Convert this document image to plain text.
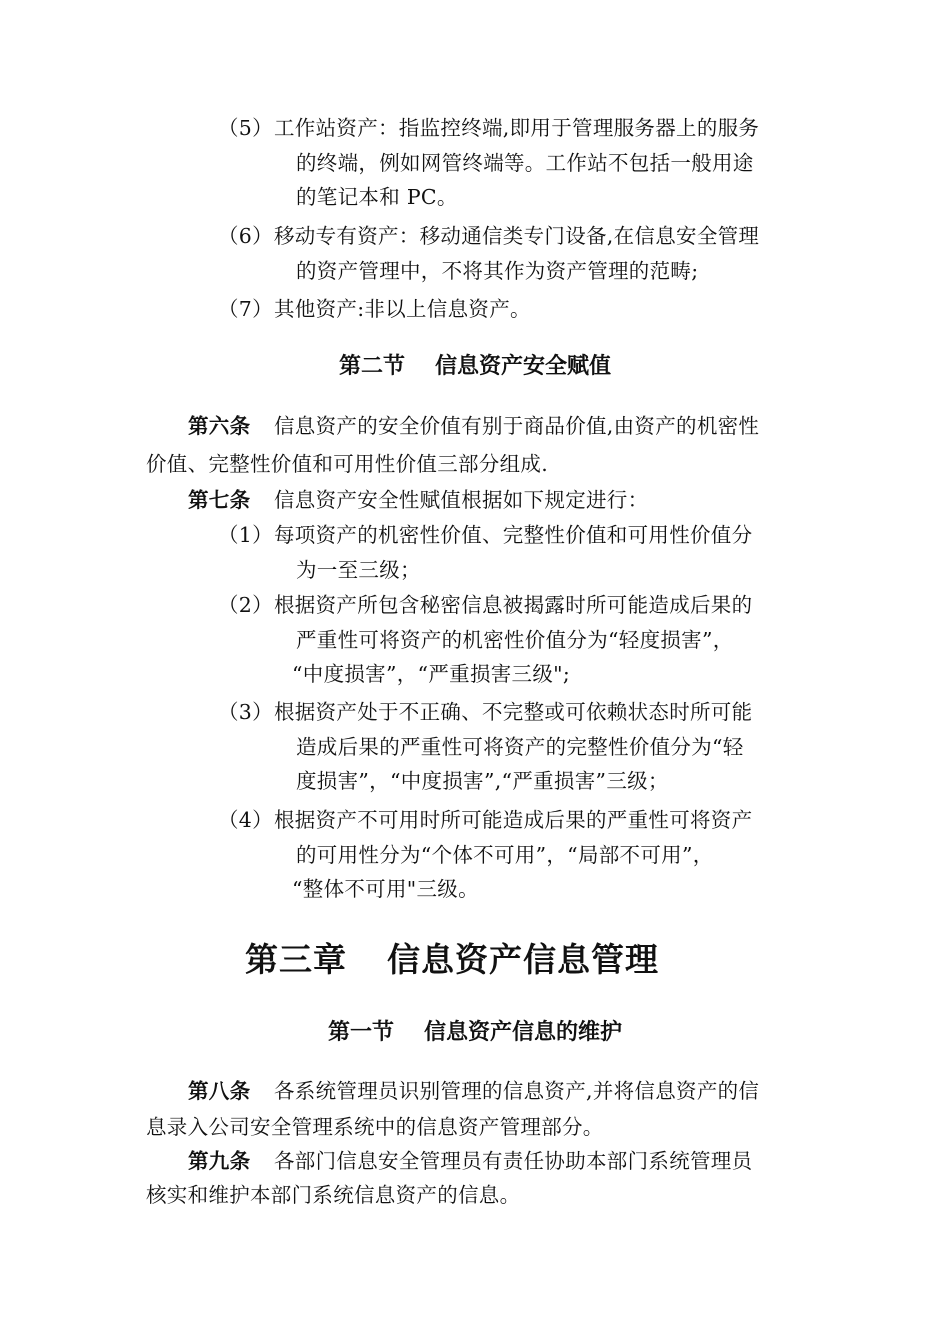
（5） 工作站资产：指监控终端,即用于管理服务器上的服务
的终端，例如网管终端等。工作站不包括一般用途
的笔记本和 PC。
（6） 移动专有资产：移动通信类专门设备,在信息安全管理
的资产管理中，不将其作为资产管理的范畴;
（7） 其他资产:非以上信息资产。
第二节 信息资产安全赋值
第六条 信息资产的安全价值有别于商品价值,由资产的机密性
价值、完整性价值和可用性价值三部分组成.
第七条 信息资产安全性赋值根据如下规定进行：
（1） 每项资产的机密性价值、完整性价值和可用性价值分
为一至三级；
（2） 根据资产所包含秘密信息被揭露时所可能造成后果的
严重性可将资产的机密性价值分为“轻度损害”，
“中度损害”，“严重损害三级";
（3） 根据资产处于不正确、不完整或可依赖状态时所可能
造成后果的严重性可将资产的完整性价值分为“轻
度损害”，“中度损害”,“严重损害”三级；
（4） 根据资产不可用时所可能造成后果的严重性可将资产
的可用性分为“个体不可用”，“局部不可用”，
“整体不可用"三级。
第三章 信息资产信息管理
第一节 信息资产信息的维护
第八条 各系统管理员识别管理的信息资产,并将信息资产的信
息录入公司安全管理系统中的信息资产管理部分。
第九条 各部门信息安全管理员有责任协助本部门系统管理员
核实和维护本部门系统信息资产的信息。
